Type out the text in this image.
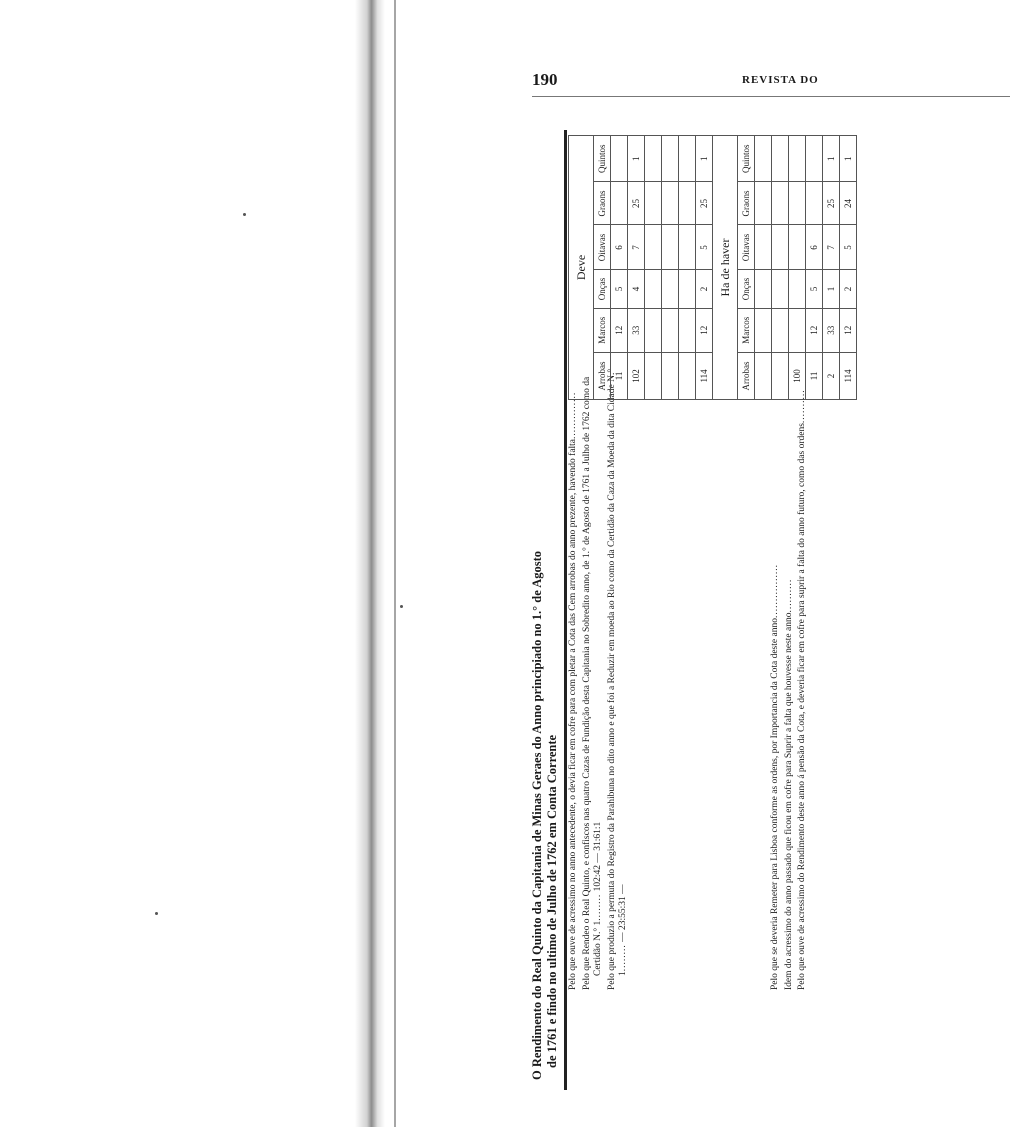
190	REVISTA DO
O Rendimento do Real Quinto da Capitania de Minas Geraes do Anno principiado no 1.° de Agosto de 1761 e findo no ultimo de Julho de 1762 em Conta Corrente Pelo que ouve de acressimo no anno antecedente, o devia ficar em cofre para com pletar a Cota das Cem arrobas do anno prezente, havendo falta.............. Pelo que Rendeo o Real Quinto, e confiscos nas quatro Cazas de Fundição desta Capitania no Sobredito anno, de 1.° de Agosto de 1761 a Julho de 1762 como da Certidão N.° 1........ 102:42 — 31:61:1 Pelo que produzio a permuta do Registro da Parahibuna no dito anno e que foi a Reduzir em moeda ao Rio como da Certidão da Caza da Moeda da dita Cidade N.° 1........ — 23:55:31 —	Pelo que se deveria Remeter para Lisboa conforme as ordens, por Importancia da Cota deste anno................
Idem do acressimo do anno passado que ficou em cofre para Suprir a falta que houvesse neste anno.......... Pelo que ouve de acressimo do Rendimento deste anno á pensão da Cota, e deveria ficar em cofre para suprir a falta do anno futuro, como das ordens..........
Deve					
Arrobas	Marcos	Onças	Oitavas	Graons	Quintos
11	12	5	6		
102	33	4	7	25	1

114	12	2	5	25	1
Ha de haver					
Arrobas	Marcos	Onças	Oitavas	Graons	Quintos

100					
11	12	5	6		
2	33	1	7	25	1
114	12	2	5	24	1
